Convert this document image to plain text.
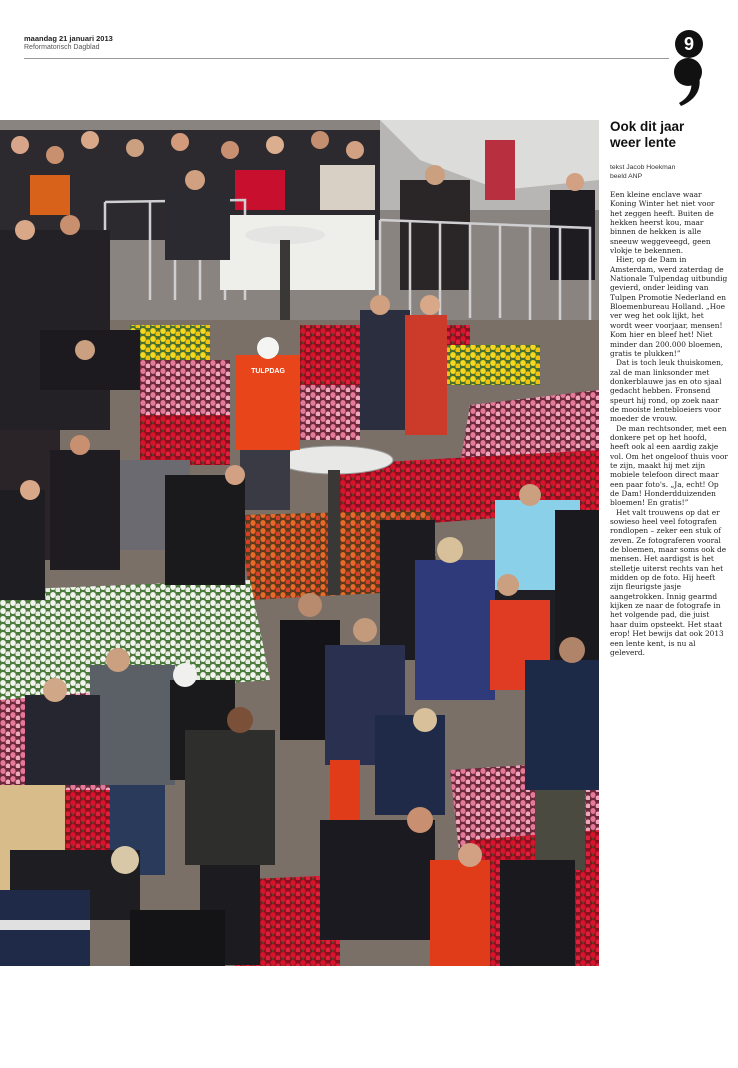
maandag 21 januari 2013
Reformatorisch Dagblad	9
TULPDAG
Ook dit jaar
weer lente
tekst Jacob Hoekman
beeld ANP

Een kleine enclave waar Koning Winter het niet voor het zeggen heeft. Buiten de hekken heerst kou, maar binnen de hekken is alle sneeuw weggeveegd, geen vlokje te bekennen.

Hier, op de Dam in Amsterdam, werd zaterdag de Nationale Tulpendag uitbundig gevierd, onder leiding van Tulpen Promotie Nederland en Bloemenbureau Holland. „Hoe ver weg het ook lijkt, het wordt weer voorjaar, mensen! Kom hier en bleef het! Niet minder dan 200.000 bloemen, gratis te plukken!”

Dat is toch leuk thuiskomen, zal de man linksonder met donkerblauwe jas en oto sjaal gedacht hebben. Fronsend speurt hij rond, op zoek naar de mooiste lentebloeiers voor moeder de vrouw.

De man rechtsonder, met een donkere pet op het hoofd, heeft ook al een aardig zakje vol. Om het ongeloof thuis voor te zijn, maakt hij met zijn mobiele telefoon direct maar een paar foto's. „Ja, echt! Op de Dam! Honderdduizenden bloemen! En gratis!”

Het valt trouwens op dat er sowieso heel veel fotografen rondlopen – zeker een stuk of zeven. Ze fotograferen vooral de bloemen, maar soms ook de mensen. Het aardigst is het stelletje uiterst rechts van het midden op de foto. Hij heeft zijn fleurigste jasje aangetrokken. Innig gearmd kijken ze naar de fotografe in het volgende pad, die juist haar duim opsteekt. Het staat erop! Het bewijs dat ook 2013 een lente kent, is nu al geleverd.
